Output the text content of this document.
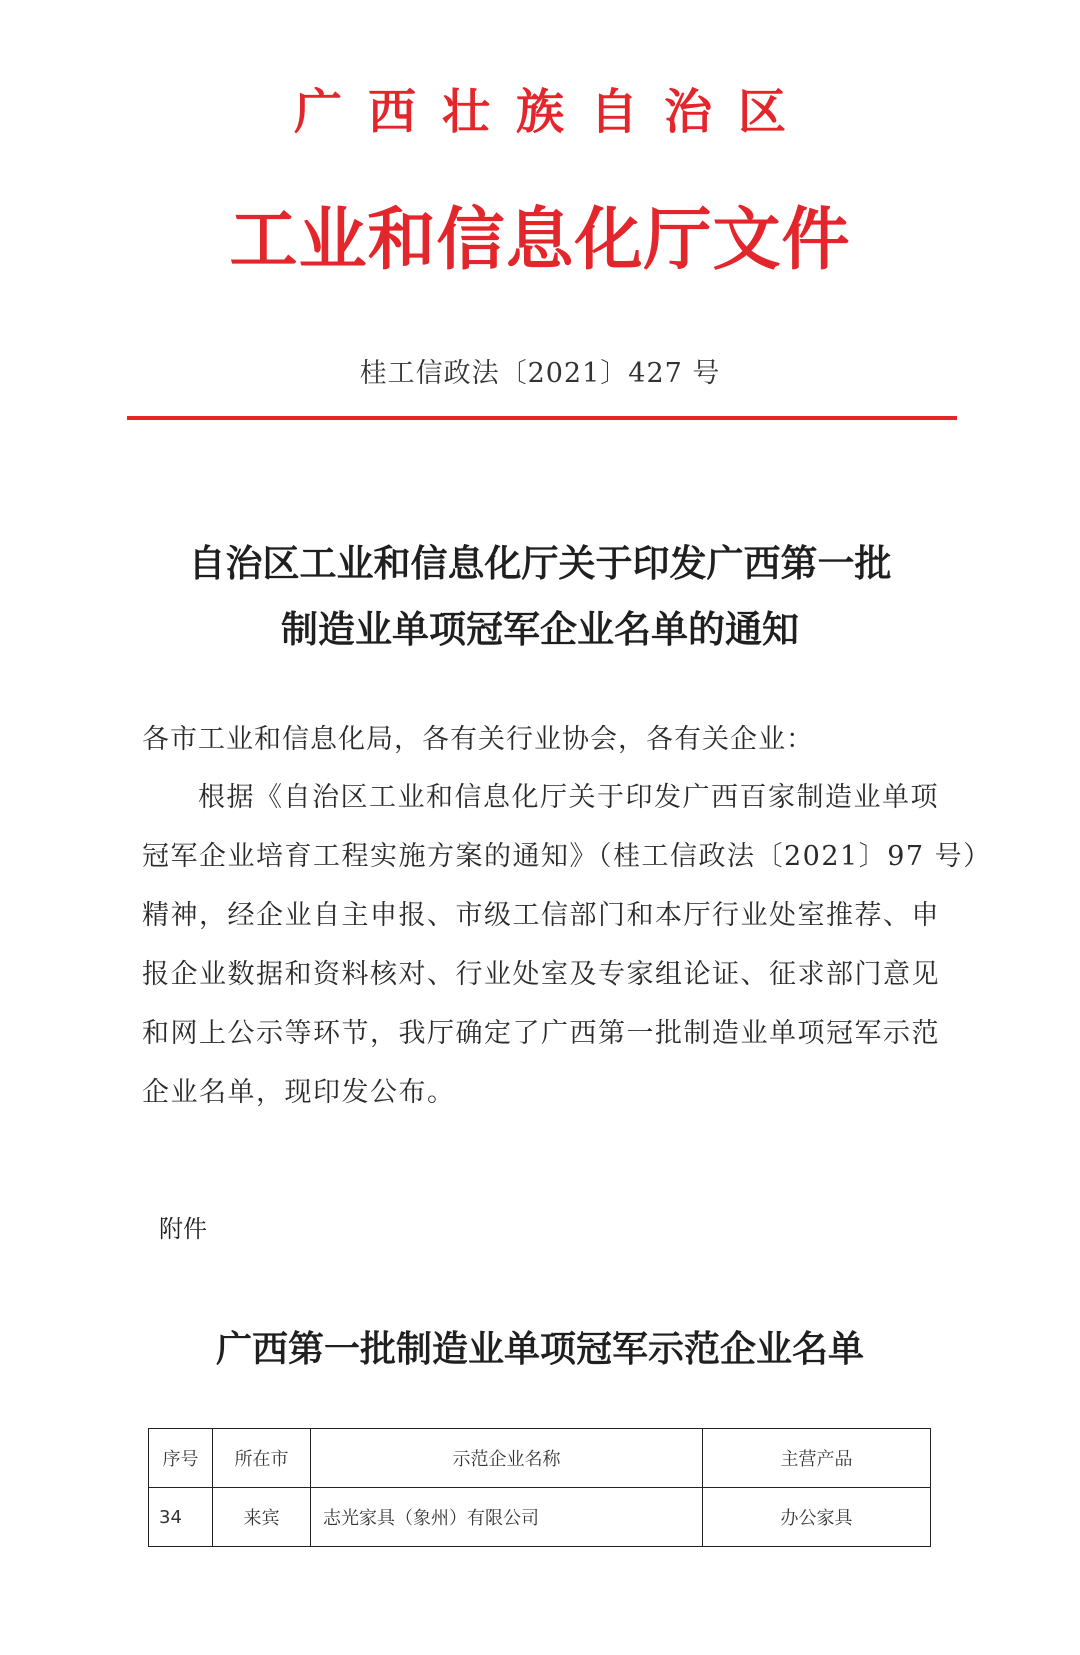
广西壮族自治区
工业和信息化厅文件
桂工信政法〔2021〕427 号
自治区工业和信息化厅关于印发广西第一批
制造业单项冠军企业名单的通知
各市工业和信息化局，各有关行业协会，各有关企业：
根据《自治区工业和信息化厅关于印发广西百家制造业单项
冠军企业培育工程实施方案的通知》（桂工信政法〔2021〕97 号）
精神，经企业自主申报、市级工信部门和本厅行业处室推荐、申
报企业数据和资料核对、行业处室及专家组论证、征求部门意见
和网上公示等环节，我厅确定了广西第一批制造业单项冠军示范
企业名单，现印发公布。
附件
广西第一批制造业单项冠军示范企业名单
序号	所在市	示范企业名称	主营产品
34	来宾	志光家具（象州）有限公司	办公家具
